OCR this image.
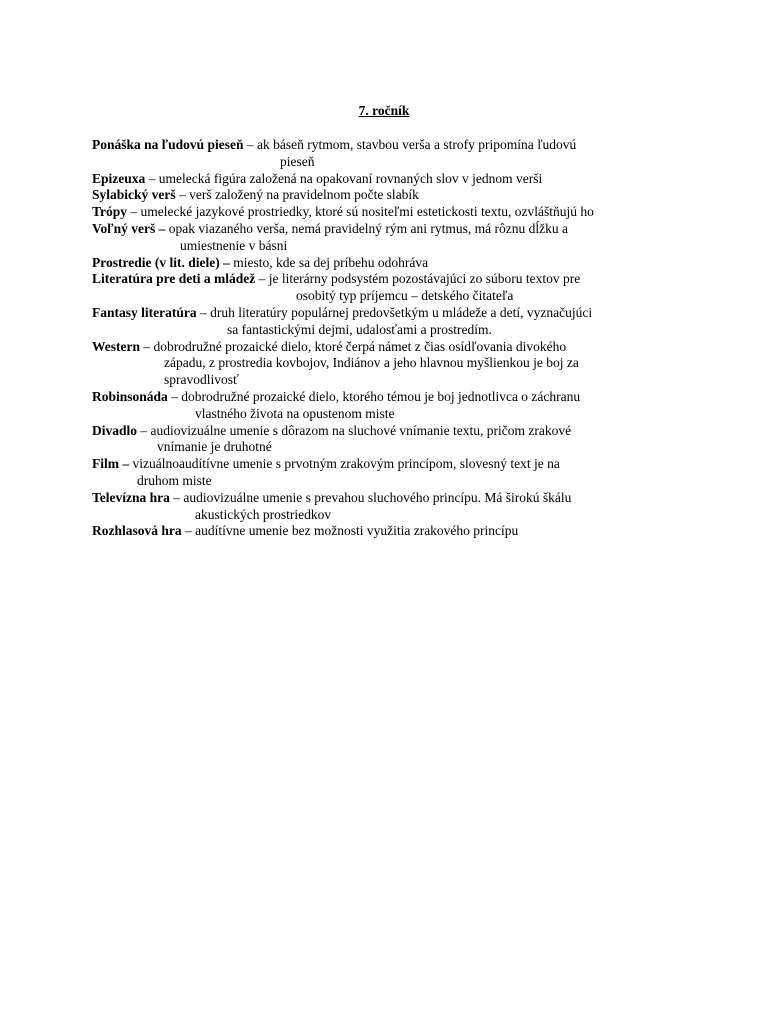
7. ročník
Ponáška na ľudovú pieseň – ak báseň rytmom, stavbou verša a strofy pripomína ľudovú
pieseň
Epizeuxa – umelecká figúra založená na opakovaní rovnaných slov v jednom verši
Sylabický verš – verš založený na pravidelnom počte slabík
Trópy – umelecké jazykové prostriedky, ktoré sú nositeľmi estetickosti textu, ozvláštňujú ho
Voľný verš – opak viazaného verša, nemá pravidelný rým ani rytmus, má rôznu dĺžku a
umiestnenie v básni
Prostredie (v lit. diele) – miesto, kde sa dej príbehu odohráva
Literatúra pre deti a mládež – je literárny podsystém pozostávajúci zo súboru textov pre
osobitý typ príjemcu – detského čitateľa
Fantasy literatúra – druh literatúry populárnej predovšetkým u mládeže a detí, vyznačujúci
sa fantastickými dejmi, udalosťami a prostredím.
Western – dobrodružné prozaické dielo, ktoré čerpá námet z čias osídľovania divokého
západu, z prostredia kovbojov, Indiánov a jeho hlavnou myšlienkou je boj za
spravodlivosť
Robinsonáda – dobrodružné prozaické dielo, ktorého témou je boj jednotlivca o záchranu
vlastného života na opustenom miste
Divadlo – audiovizuálne umenie s dôrazom na sluchové vnímanie textu, pričom zrakové
vnímanie je druhotné
Film – vizuálnoaudítívne umenie s prvotným zrakovým princípom, slovesný text je na
druhom miste
Televízna hra – audiovizuálne umenie s prevahou sluchového princípu. Má širokú škálu
akustických prostriedkov
Rozhlasová hra – audítívne umenie bez možnosti využitia zrakového princípu
